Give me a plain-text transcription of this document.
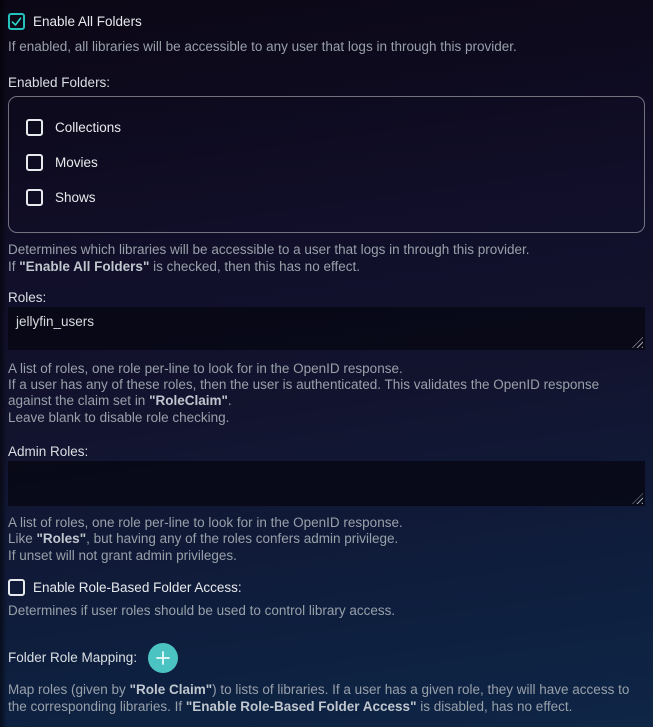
Enable All Folders
If enabled, all libraries will be accessible to any user that logs in through this provider.
Enabled Folders:
Collections
Movies
Shows
Determines which libraries will be accessible to a user that logs in through this provider.
If "Enable All Folders" is checked, then this has no effect.
Roles:
jellyfin_users
A list of roles, one role per-line to look for in the OpenID response.
If a user has any of these roles, then the user is authenticated. This validates the OpenID response against the claim set in "RoleClaim".
Leave blank to disable role checking.
Admin Roles:
A list of roles, one role per-line to look for in the OpenID response.
Like "Roles", but having any of the roles confers admin privilege.
If unset will not grant admin privileges.
Enable Role-Based Folder Access:
Determines if user roles should be used to control library access.
Folder Role Mapping:
Map roles (given by "Role Claim") to lists of libraries. If a user has a given role, they will have access to the corresponding libraries. If "Enable Role-Based Folder Access" is disabled, has no effect.
